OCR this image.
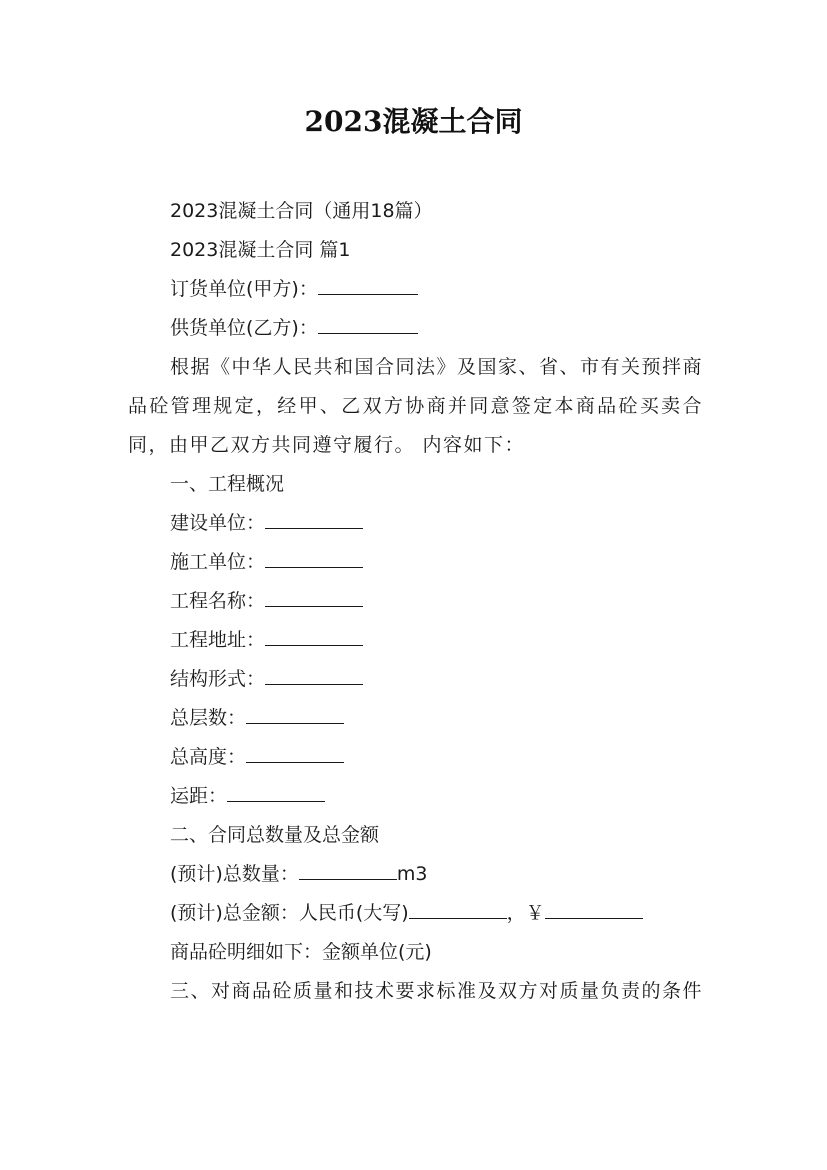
2023混凝土合同

2023混凝土合同（通用18篇）

2023混凝土合同 篇1

订货单位(甲方)：

供货单位(乙方)：

根据《中华人民共和国合同法》及国家、省、市有关预拌商品砼管理规定，经甲、乙双方协商并同意签定本商品砼买卖合同，由甲乙双方共同遵守履行。 内容如下：

一、工程概况

建设单位：

施工单位：

工程名称：

工程地址：

结构形式：

总层数：

总高度：

运距：

二、合同总数量及总金额

(预计)总数量：	m3

(预计)总金额：人民币(大写)	，￥

商品砼明细如下：金额单位(元)

三、对商品砼质量和技术要求标准及双方对质量负责的条件
